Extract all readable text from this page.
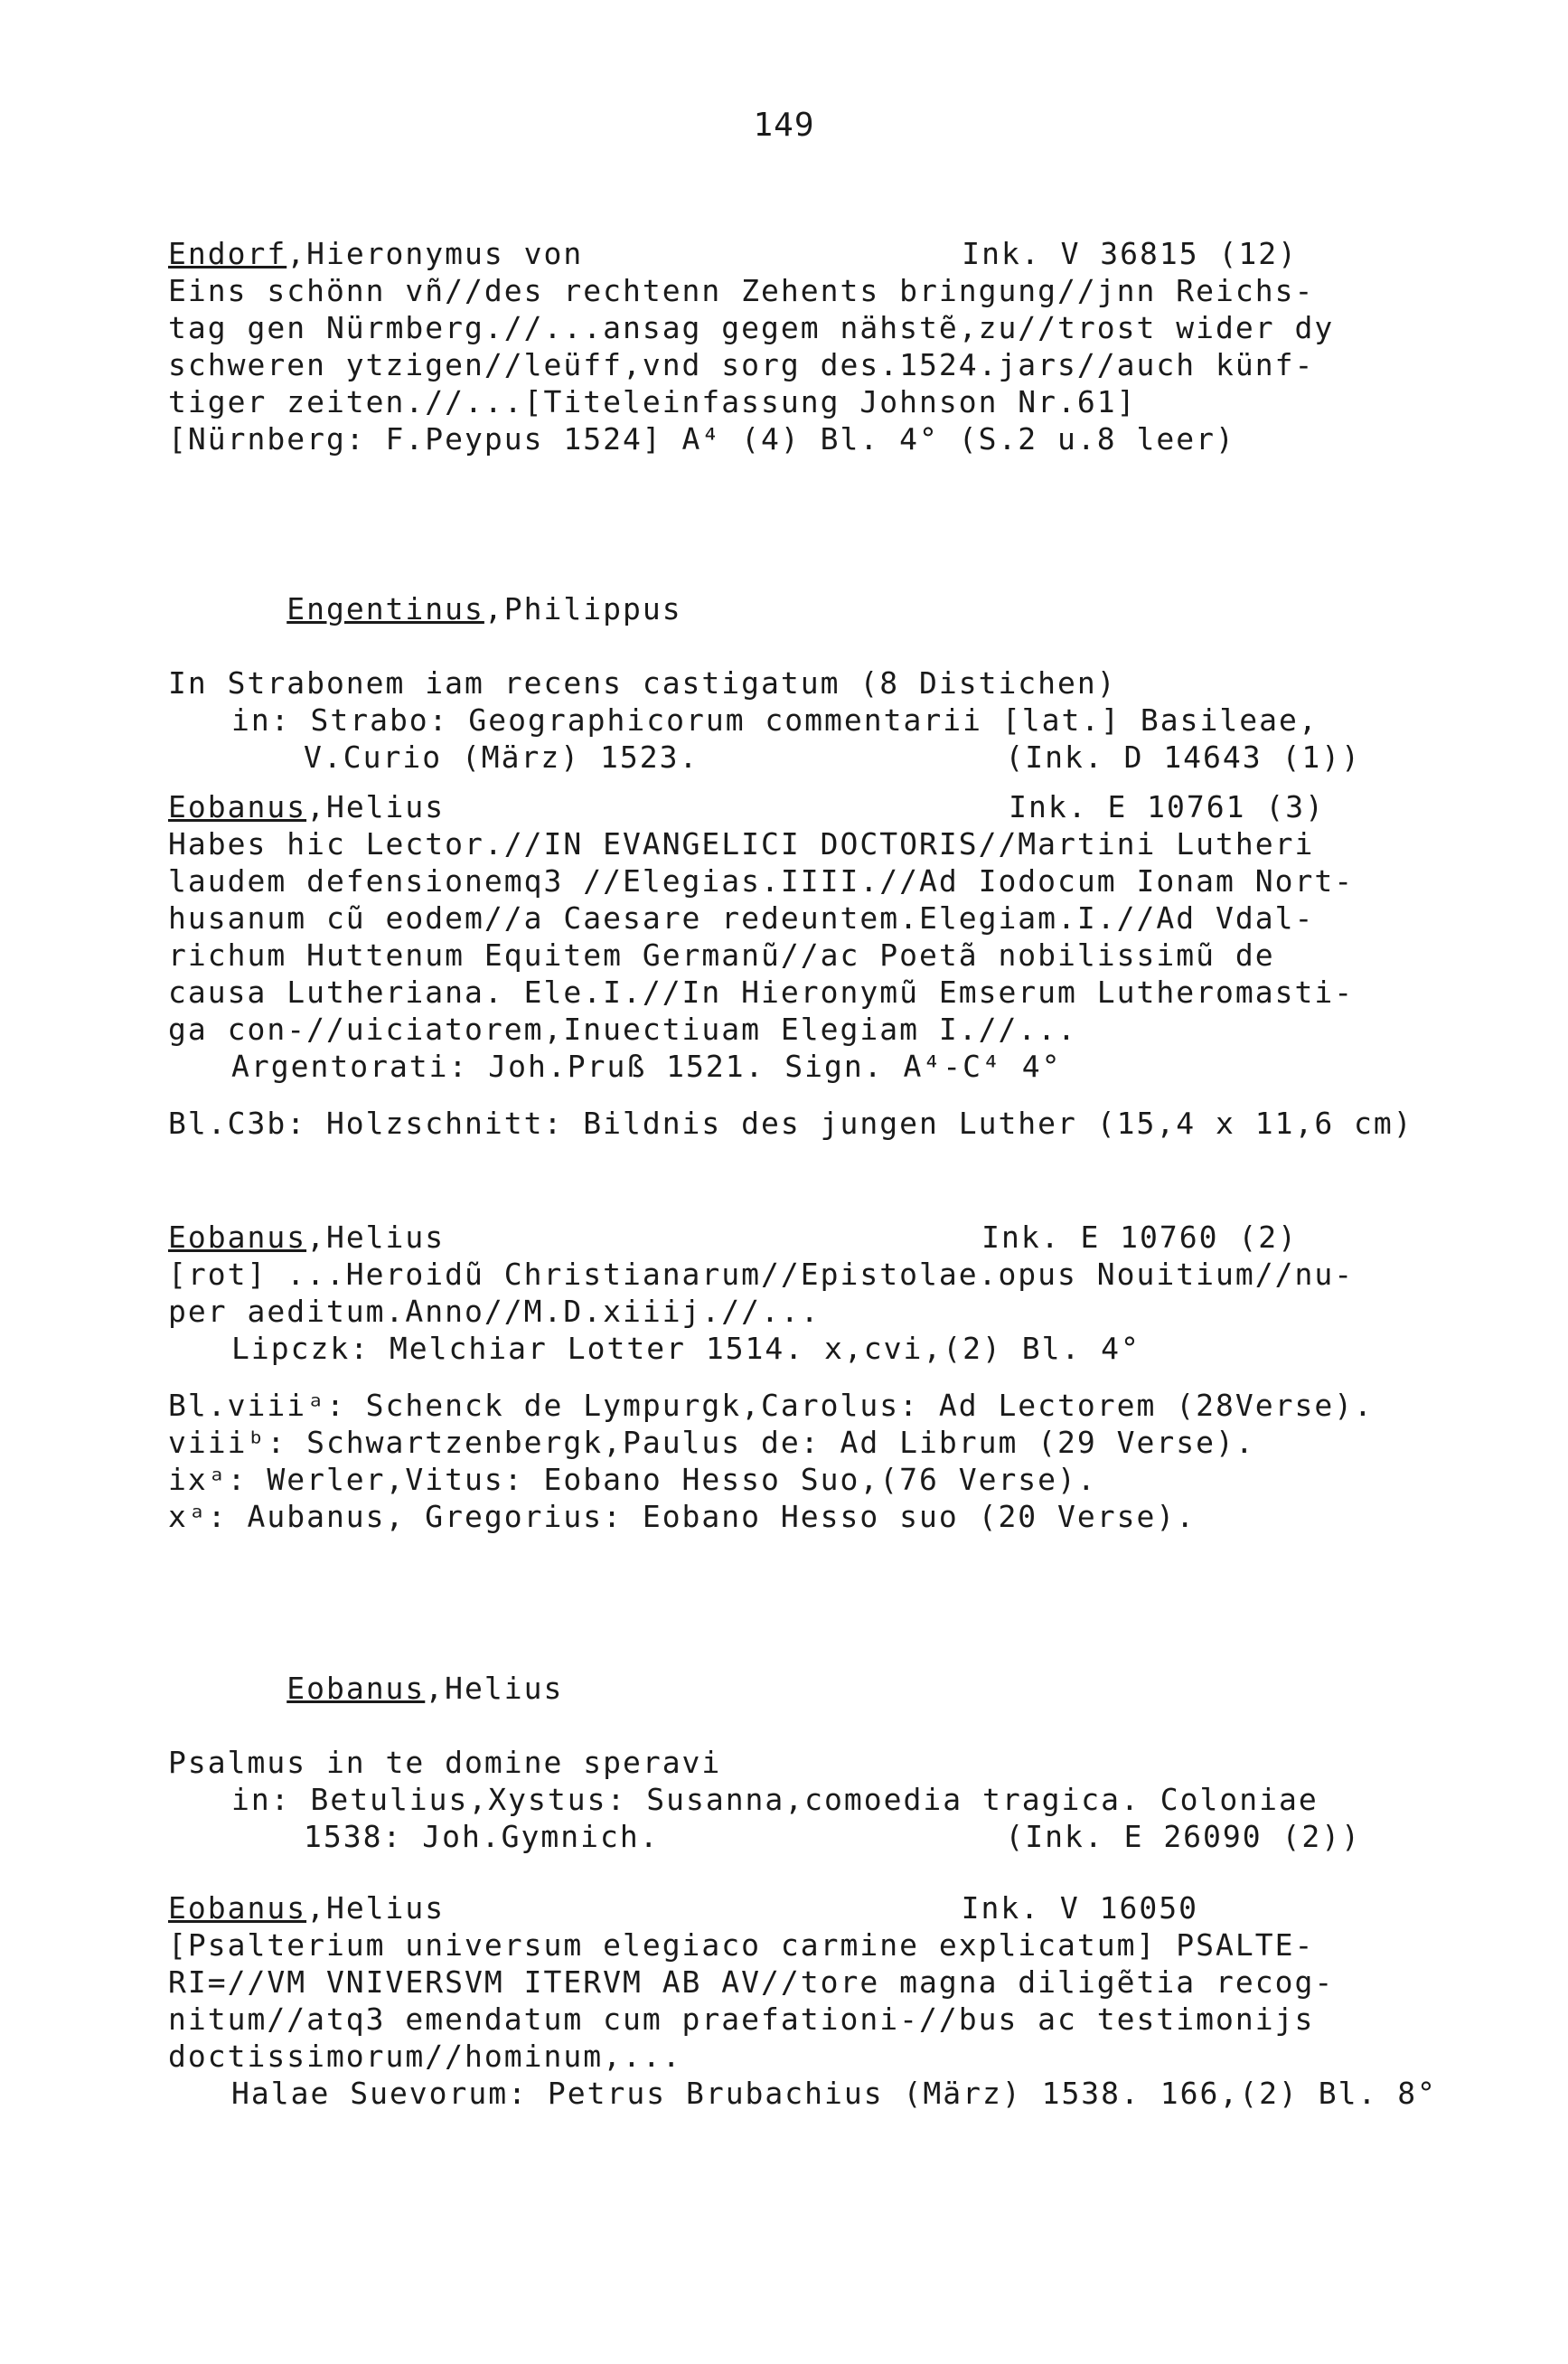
149
Endorf,Hieronymus von	Ink. V 36815 (12)
Eins schönn vñ//des rechtenn Zehents bringung//jnn Reichs-
tag gen Nürmberg.//...ansag gegem nähstẽ,zu//trost wider dy
schweren ytzigen//leüff,vnd sorg des.1524.jars//auch künf-
tiger zeiten.//...[Titeleinfassung Johnson Nr.61]
[Nürnberg: F.Peypus 1524] A⁴ (4) Bl. 4° (S.2 u.8 leer)

Engentinus,Philippus

In Strabonem iam recens castigatum (8 Distichen)
in: Strabo: Geographicorum commentarii [lat.] Basileae,
V.Curio (März) 1523.	(Ink. D 14643 (1))
Eobanus,Helius	Ink. E 10761 (3)
Habes hic Lector.//IN EVANGELICI DOCTORIS//Martini Lutheri
laudem defensionemq3 //Elegias.IIII.//Ad Iodocum Ionam Nort-
husanum cũ eodem//a Caesare redeuntem.Elegiam.I.//Ad Vdal-
richum Huttenum Equitem Germanũ//ac Poetã nobilissimũ de
causa Lutheriana. Ele.I.//In Hieronymũ Emserum Lutheromasti-
ga con-//uiciatorem,Inuectiuam Elegiam I.//...
Argentorati: Joh.Pruß 1521. Sign. A⁴-C⁴ 4°
Bl.C3b: Holzschnitt: Bildnis des jungen Luther (15,4 x 11,6 cm)
Eobanus,Helius	Ink. E 10760 (2)
[rot] ...Heroidũ Christianarum//Epistolae.opus Nouitium//nu-
per aeditum.Anno//M.D.xiiij.//...
Lipczk: Melchiar Lotter 1514. x,cvi,(2) Bl. 4°
Bl.viiiᵃ: Schenck de Lympurgk,Carolus: Ad Lectorem (28Verse).
viiiᵇ: Schwartzenbergk,Paulus de: Ad Librum (29 Verse).
ixᵃ: Werler,Vitus: Eobano Hesso Suo,(76 Verse).
xᵃ: Aubanus, Gregorius: Eobano Hesso suo (20 Verse).

Eobanus,Helius

Psalmus in te domine speravi
in: Betulius,Xystus: Susanna,comoedia tragica. Coloniae
1538: Joh.Gymnich.	(Ink. E 26090 (2))
Eobanus,Helius	Ink. V 16050
[Psalterium universum elegiaco carmine explicatum] PSALTE-
RI=//VM VNIVERSVM ITERVM AB AV//tore magna diligẽtia recog-
nitum//atq3 emendatum cum praefationi-//bus ac testimonijs
doctissimorum//hominum,...
Halae Suevorum: Petrus Brubachius (März) 1538. 166,(2) Bl. 8°
